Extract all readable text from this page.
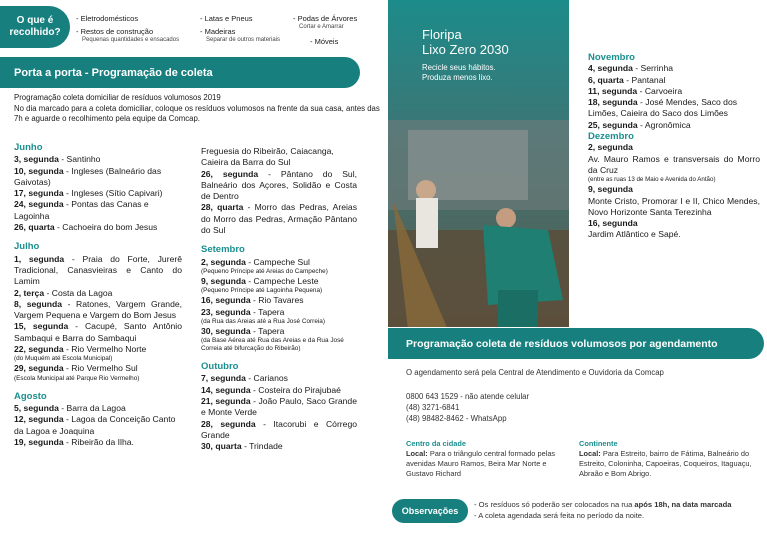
O que é
recolhido?
- Eletrodomésticos
- Restos de construção
Pequenas quantidades e ensacados
- Latas e Pneus
- Madeiras
Separar de outros materiais
- Podas de Árvores
Cortar e Amarrar
- Móveis
Porta a porta - Programação de coleta
Programação coleta domiciliar de resíduos volumosos 2019
No dia marcado para a coleta domiciliar, coloque os resíduos volumosos na frente da sua casa, antes das 7h e aguarde o recolhimento pela equipe da Comcap.
Junho
3, segunda - Santinho
10, segunda - Ingleses (Balneário das Gaivotas)
17, segunda - Ingleses (Sítio Capivari)
24, segunda - Pontas das Canas e Lagoinha
26, quarta - Cachoeira do bom Jesus
Julho
1, segunda - Praia do Forte, Jurerê Tradicional, Canasvieiras e Canto do Lamim
2, terça - Costa da Lagoa
8, segunda - Ratones, Vargem Grande, Vargem Pequena e Vargem do Bom Jesus
15, segunda - Cacupé, Santo Antônio Sambaqui e Barra do Sambaqui
22, segunda - Rio Vermelho Norte
(do Muquém até Escola Municipal)
29, segunda - Rio Vermelho Sul
(Escola Municipal até Parque Rio Vermelho)
Agosto
5, segunda - Barra da Lagoa
12, segunda - Lagoa da Conceição Canto da Lagoa e Joaquina
19, segunda - Ribeirão da Ilha.
Freguesia do Ribeirão, Caiacanga, Caieira da Barra do Sul
26, segunda - Pântano do Sul, Balneário dos Açores, Solidão e Costa de Dentro
28, quarta - Morro das Pedras, Areias do Morro das Pedras, Armação Pântano do Sul
Setembro
2, segunda - Campeche Sul
(Pequeno Príncipe até Areias do Campeche)
9, segunda - Campeche Leste
(Pequeno Príncipe até Lagoinha Pequena)
16, segunda - Rio Tavares
23, segunda - Tapera
(da Rua das Areias até a Rua José Correia)
30, segunda - Tapera
(da Base Aérea até Rua das Areias e da Rua José Correia até bifurcação do Ribeirão)
Outubro
7, segunda - Carianos
14, segunda - Costeira do Pirajubaé
21, segunda - João Paulo, Saco Grande e Monte Verde
28, segunda - Itacorubi e Córrego Grande
30, quarta - Trindade
Floripa
Lixo Zero 2030
Recicle seus hábitos.
Produza menos lixo.
Novembro
4, segunda - Serrinha
6, quarta - Pantanal
11, segunda - Carvoeira
18, segunda - José Mendes, Saco dos Limões, Caieira do Saco dos Limões
25, segunda - Agronômica
Dezembro
2, segunda
Av. Mauro Ramos e transversais do Morro da Cruz
(entre as ruas 13 de Maio e Avenida do Antão)
9, segunda
Monte Cristo, Promorar I e II, Chico Mendes, Novo Horizonte Santa Terezinha
16, segunda
Jardim Atlântico e Sapé.
Programação coleta de resíduos volumosos por agendamento
O agendamento será pela Central de Atendimento e Ouvidoria da Comcap
0800 643 1529 - não atende celular
(48) 3271-6841
(48) 98482-8462 - WhatsApp
Centro da cidade
Local: Para o triângulo central formado pelas avenidas Mauro Ramos, Beira Mar Norte e Gustavo Richard
Continente
Local: Para Estreito, bairro de Fátima, Balneário do Estreito, Coloninha, Capoeiras, Coqueiros, Itaguaçu, Abraão e Bom Abrigo.
Observações
- Os resíduos só poderão ser colocados na rua após 18h, na data marcada
- A coleta agendada será feita no período da noite.
